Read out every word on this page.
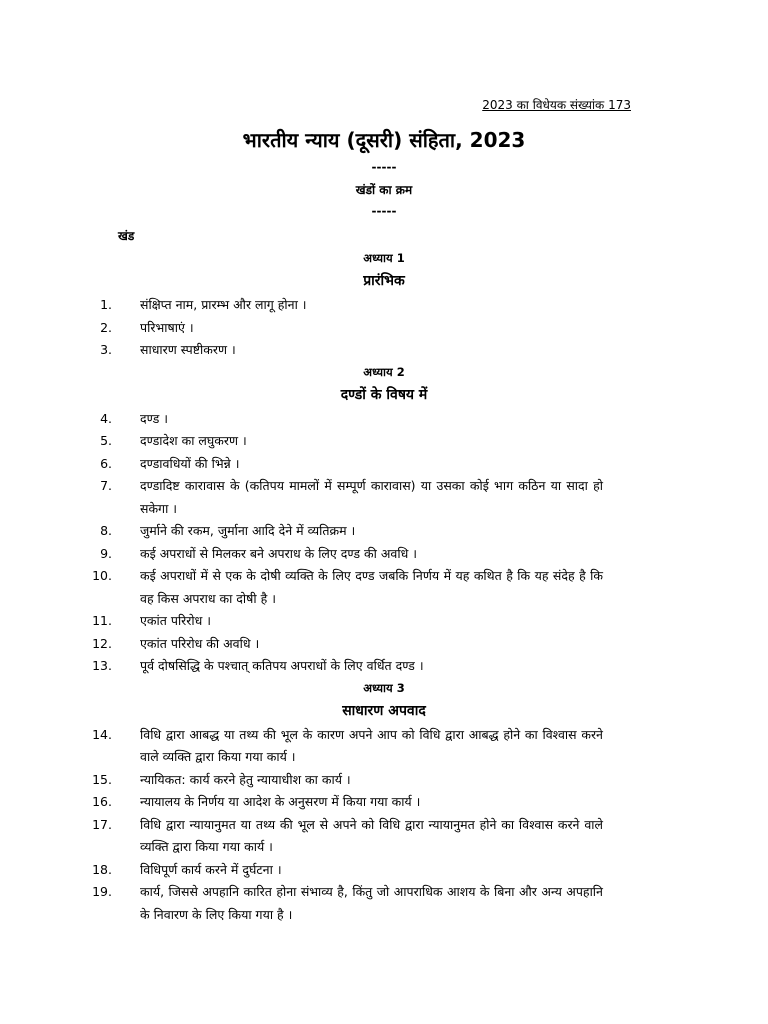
2023 का विधेयक संख्यांक 173
भारतीय न्याय (दूसरी) संहिता, 2023
-----
खंडों का क्रम
-----
खंड
अध्याय 1
प्रारंभिक
1.	संक्षिप्त नाम, प्रारम्भ और लागू होना ।
2.	परिभाषाएं ।
3.	साधारण स्पष्टीकरण ।
अध्याय 2
दण्डों के विषय में
4.	दण्ड ।
5.	दण्डादेश का लघुकरण ।
6.	दण्डावधियों की भिन्ने ।
7.	दण्डादिष्ट कारावास के (कतिपय मामलों में सम्पूर्ण कारावास) या उसका कोई भाग कठिन या सादा हो सकेगा ।
8.	जुर्माने की रकम, जुर्माना आदि देने में व्यतिक्रम ।
9.	कई अपराधों से मिलकर बने अपराध के लिए दण्ड की अवधि ।
10.	कई अपराधों में से एक के दोषी व्यक्ति के लिए दण्ड जबकि निर्णय में यह कथित है कि यह संदेह है कि वह किस अपराध का दोषी है ।
11.	एकांत परिरोध ।
12.	एकांत परिरोध की अवधि ।
13.	पूर्व दोषसिद्धि के पश्चात् कतिपय अपराधों के लिए वर्धित दण्ड ।
अध्याय 3
साधारण अपवाद
14.	विधि द्वारा आबद्ध या तथ्य की भूल के कारण अपने आप को विधि द्वारा आबद्ध होने का विश्वास करने वाले व्यक्ति द्वारा किया गया कार्य ।
15.	न्यायिकत: कार्य करने हेतु न्यायाधीश का कार्य ।
16.	न्यायालय के निर्णय या आदेश के अनुसरण में किया गया कार्य ।
17.	विधि द्वारा न्यायानुमत या तथ्य की भूल से अपने को विधि द्वारा न्यायानुमत होने का विश्वास करने वाले व्यक्ति द्वारा किया गया कार्य ।
18.	विधिपूर्ण कार्य करने में दुर्घटना ।
19.	कार्य, जिससे अपहानि कारित होना संभाव्य है, किंतु जो आपराधिक आशय के बिना और अन्य अपहानि के निवारण के लिए किया गया है ।
